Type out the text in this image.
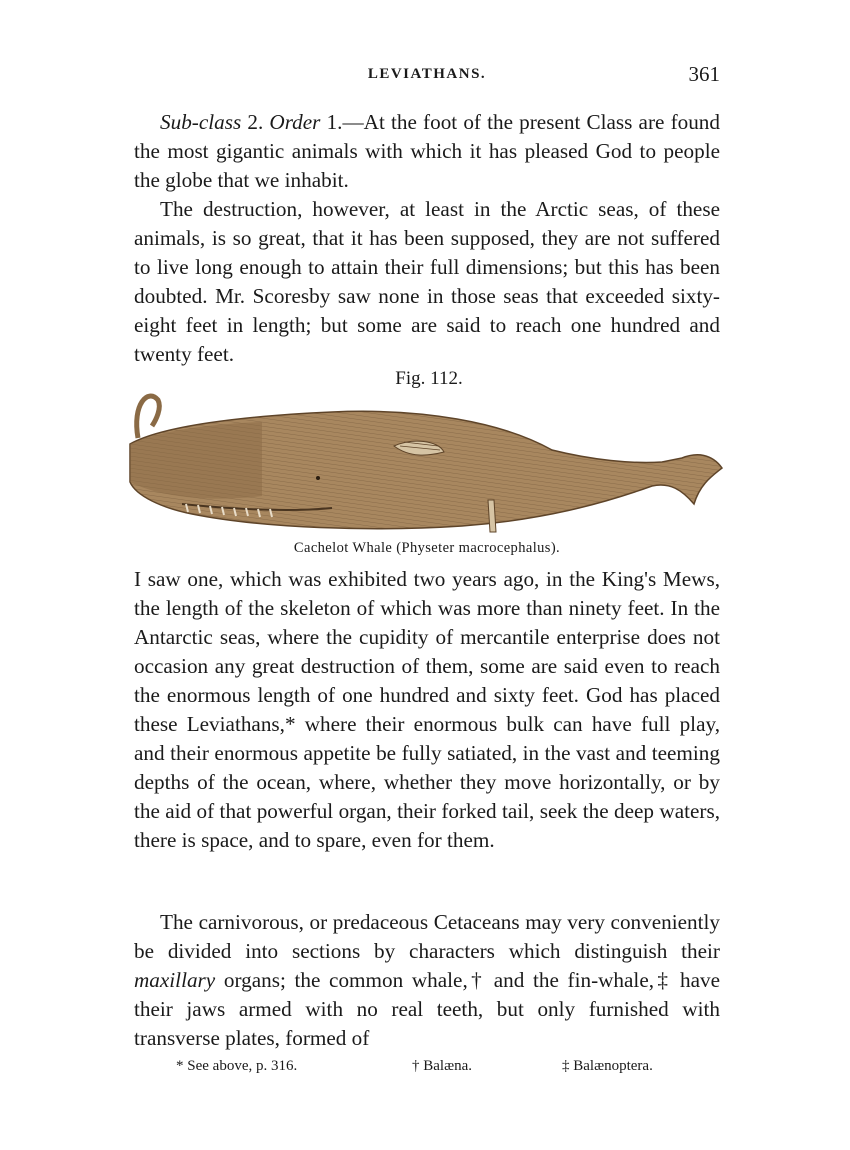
LEVIATHANS.	361

Sub-class 2. Order 1.—At the foot of the present Class are found the most gigantic animals with which it has pleased God to people the globe that we inhabit.

The destruction, however, at least in the Arctic seas, of these animals, is so great, that it has been supposed, they are not suffered to live long enough to attain their full dimensions; but this has been doubted. Mr. Scoresby saw none in those seas that exceeded sixty-eight feet in length; but some are said to reach one hundred and twenty feet.

Fig. 112.
Cachelot Whale (Physeter macrocephalus).

I saw one, which was exhibited two years ago, in the King's Mews, the length of the skeleton of which was more than ninety feet. In the Antarctic seas, where the cupidity of mercantile enterprise does not occasion any great destruction of them, some are said even to reach the enormous length of one hundred and sixty feet. God has placed these Leviathans,* where their enormous bulk can have full play, and their enormous appetite be fully satiated, in the vast and teeming depths of the ocean, where, whether they move horizontally, or by the aid of that powerful organ, their forked tail, seek the deep waters, there is space, and to spare, even for them.

The carnivorous, or predaceous Cetaceans may very conveniently be divided into sections by characters which distinguish their maxillary organs; the common whale,† and the fin-whale,‡ have their jaws armed with no real teeth, but only furnished with transverse plates, formed of

* See above, p. 316.	† Balæna.	‡ Balænoptera.
